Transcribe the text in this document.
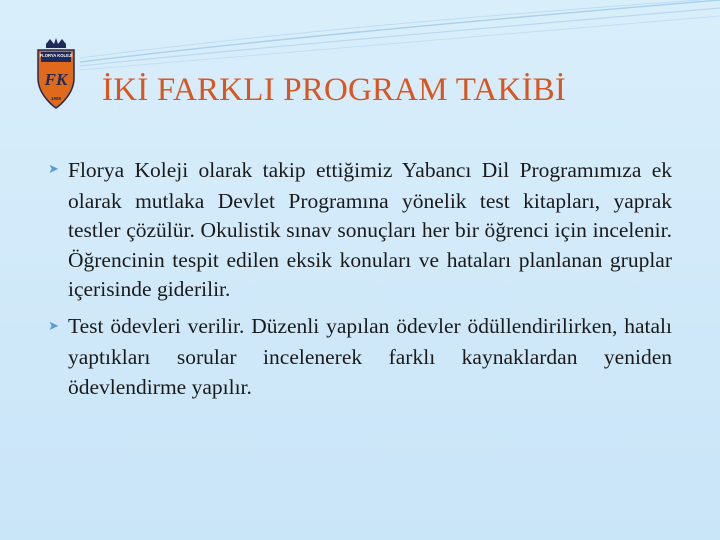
FLORYA KOLEJİ
FK
1986 İKİ FARKLI PROGRAM TAKİBİ
➤ Florya Koleji olarak takip ettiğimiz Yabancı Dil Programımıza ek olarak mutlaka Devlet Programına yönelik test kitapları, yaprak testler çözülür. Okulistik sınav sonuçları her bir öğrenci için incelenir. Öğrencinin tespit edilen eksik konuları ve hataları planlanan gruplar içerisinde giderilir.
➤ Test ödevleri verilir. Düzenli yapılan ödevler ödüllendirilirken, hatalı yaptıkları sorular incelenerek farklı kaynaklardan yeniden ödevlendirme yapılır.
